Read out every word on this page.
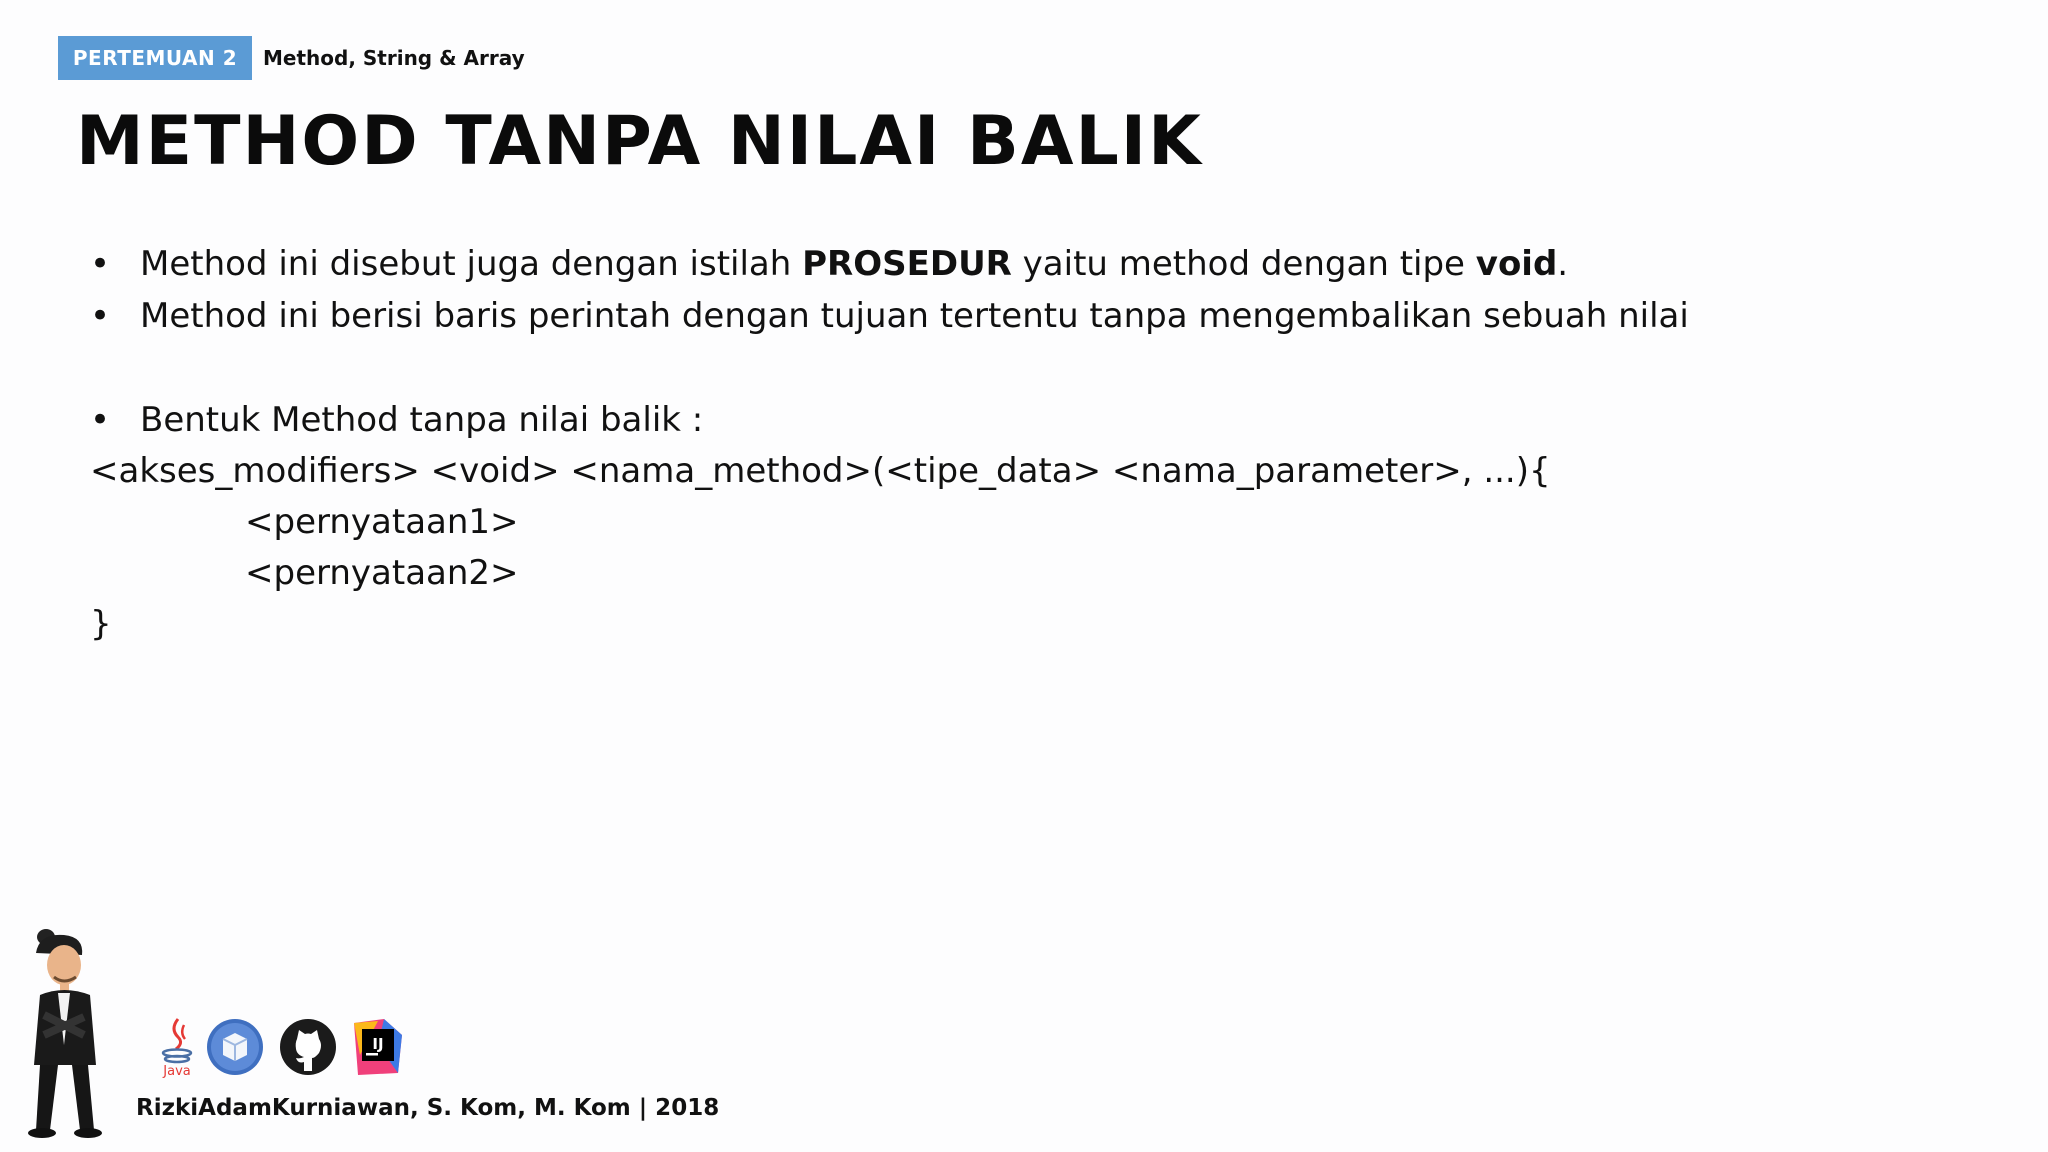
PERTEMUAN 2	Method, String & Array
METHOD TANPA NILAI BALIK
• Method ini disebut juga dengan istilah PROSEDUR yaitu method dengan tipe void.
• Method ini berisi baris perintah dengan tujuan tertentu tanpa mengembalikan sebuah nilai
• Bentuk Method tanpa nilai balik :
<akses_modifiers> <void> <nama_method>(<tipe_data> <nama_parameter>, ...){
<pernyataan1>
<pernyataan2>
}
Java
IJ
RizkiAdamKurniawan, S. Kom, M. Kom | 2018
